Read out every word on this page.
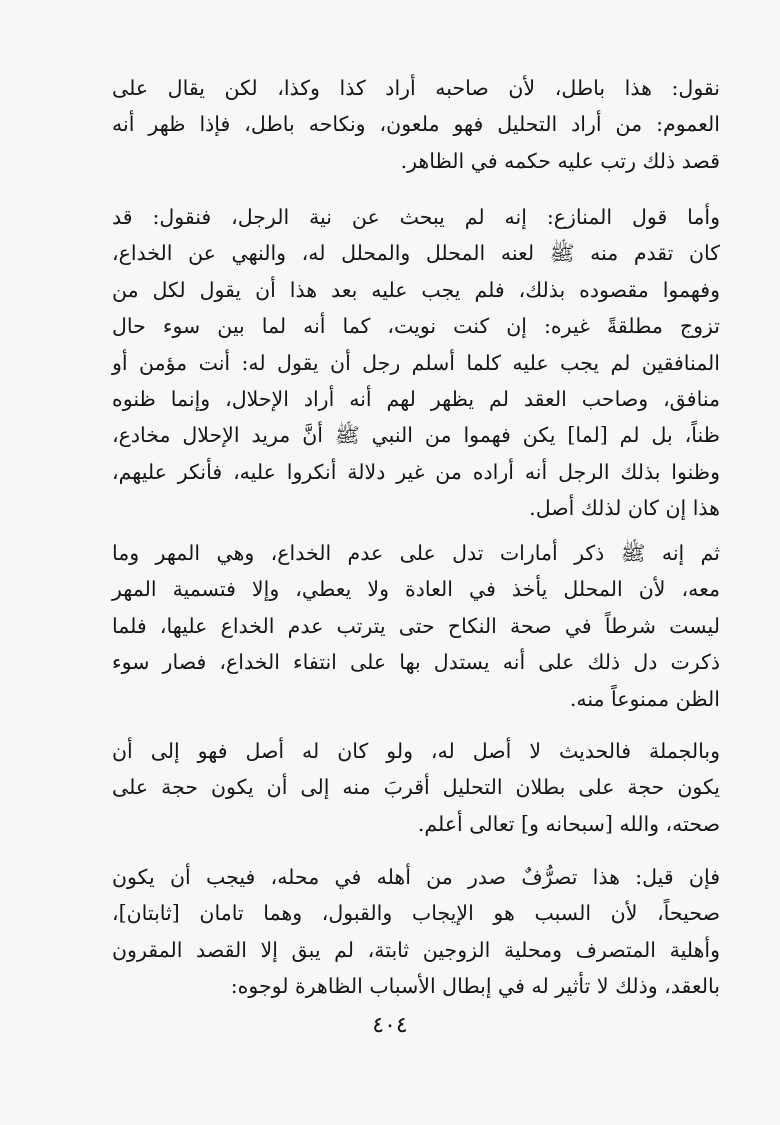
نقول: هذا باطل، لأن صاحبه أراد كذا وكذا، لكن يقال على
العموم: من أراد التحليل فهو ملعون، ونكاحه باطل، فإذا ظهر أنه
قصد ذلك رتب عليه حكمه في الظاهر.
وأما قول المنازع: إنه لم يبحث عن نية الرجل، فنقول: قد
كان تقدم منه ﷺ لعنه المحلل والمحلل له، والنهي عن الخداع،
وفهموا مقصوده بذلك، فلم يجب عليه بعد هذا أن يقول لكل من
تزوج مطلقةً غيره: إن كنت نويت، كما أنه لما بين سوء حال
المنافقين لم يجب عليه كلما أسلم رجل أن يقول له: أنت مؤمن أو
منافق، وصاحب العقد لم يظهر لهم أنه أراد الإحلال، وإنما ظنوه
ظناً، بل لم [لما] يكن فهموا من النبي ﷺ أنَّ مريد الإحلال مخادع،
وظنوا بذلك الرجل أنه أراده من غير دلالة أنكروا عليه، فأنكر عليهم،
هذا إن كان لذلك أصل.
ثم إنه ﷺ ذكر أمارات تدل على عدم الخداع، وهي المهر وما
معه، لأن المحلل يأخذ في العادة ولا يعطي، وإلا فتسمية المهر
ليست شرطاً في صحة النكاح حتى يترتب عدم الخداع عليها، فلما
ذكرت دل ذلك على أنه يستدل بها على انتفاء الخداع، فصار سوء
الظن ممنوعاً منه.
وبالجملة فالحديث لا أصل له، ولو كان له أصل فهو إلى أن
يكون حجة على بطلان التحليل أقربَ منه إلى أن يكون حجة على
صحته، والله [سبحانه و] تعالى أعلم.
فإن قيل: هذا تصرُّفٌ صدر من أهله في محله، فيجب أن يكون
صحيحاً، لأن السبب هو الإيجاب والقبول، وهما تامان [ثابتان]،
وأهلية المتصرف ومحلية الزوجين ثابتة، لم يبق إلا القصد المقرون
بالعقد، وذلك لا تأثير له في إبطال الأسباب الظاهرة لوجوه:
٤٠٤
